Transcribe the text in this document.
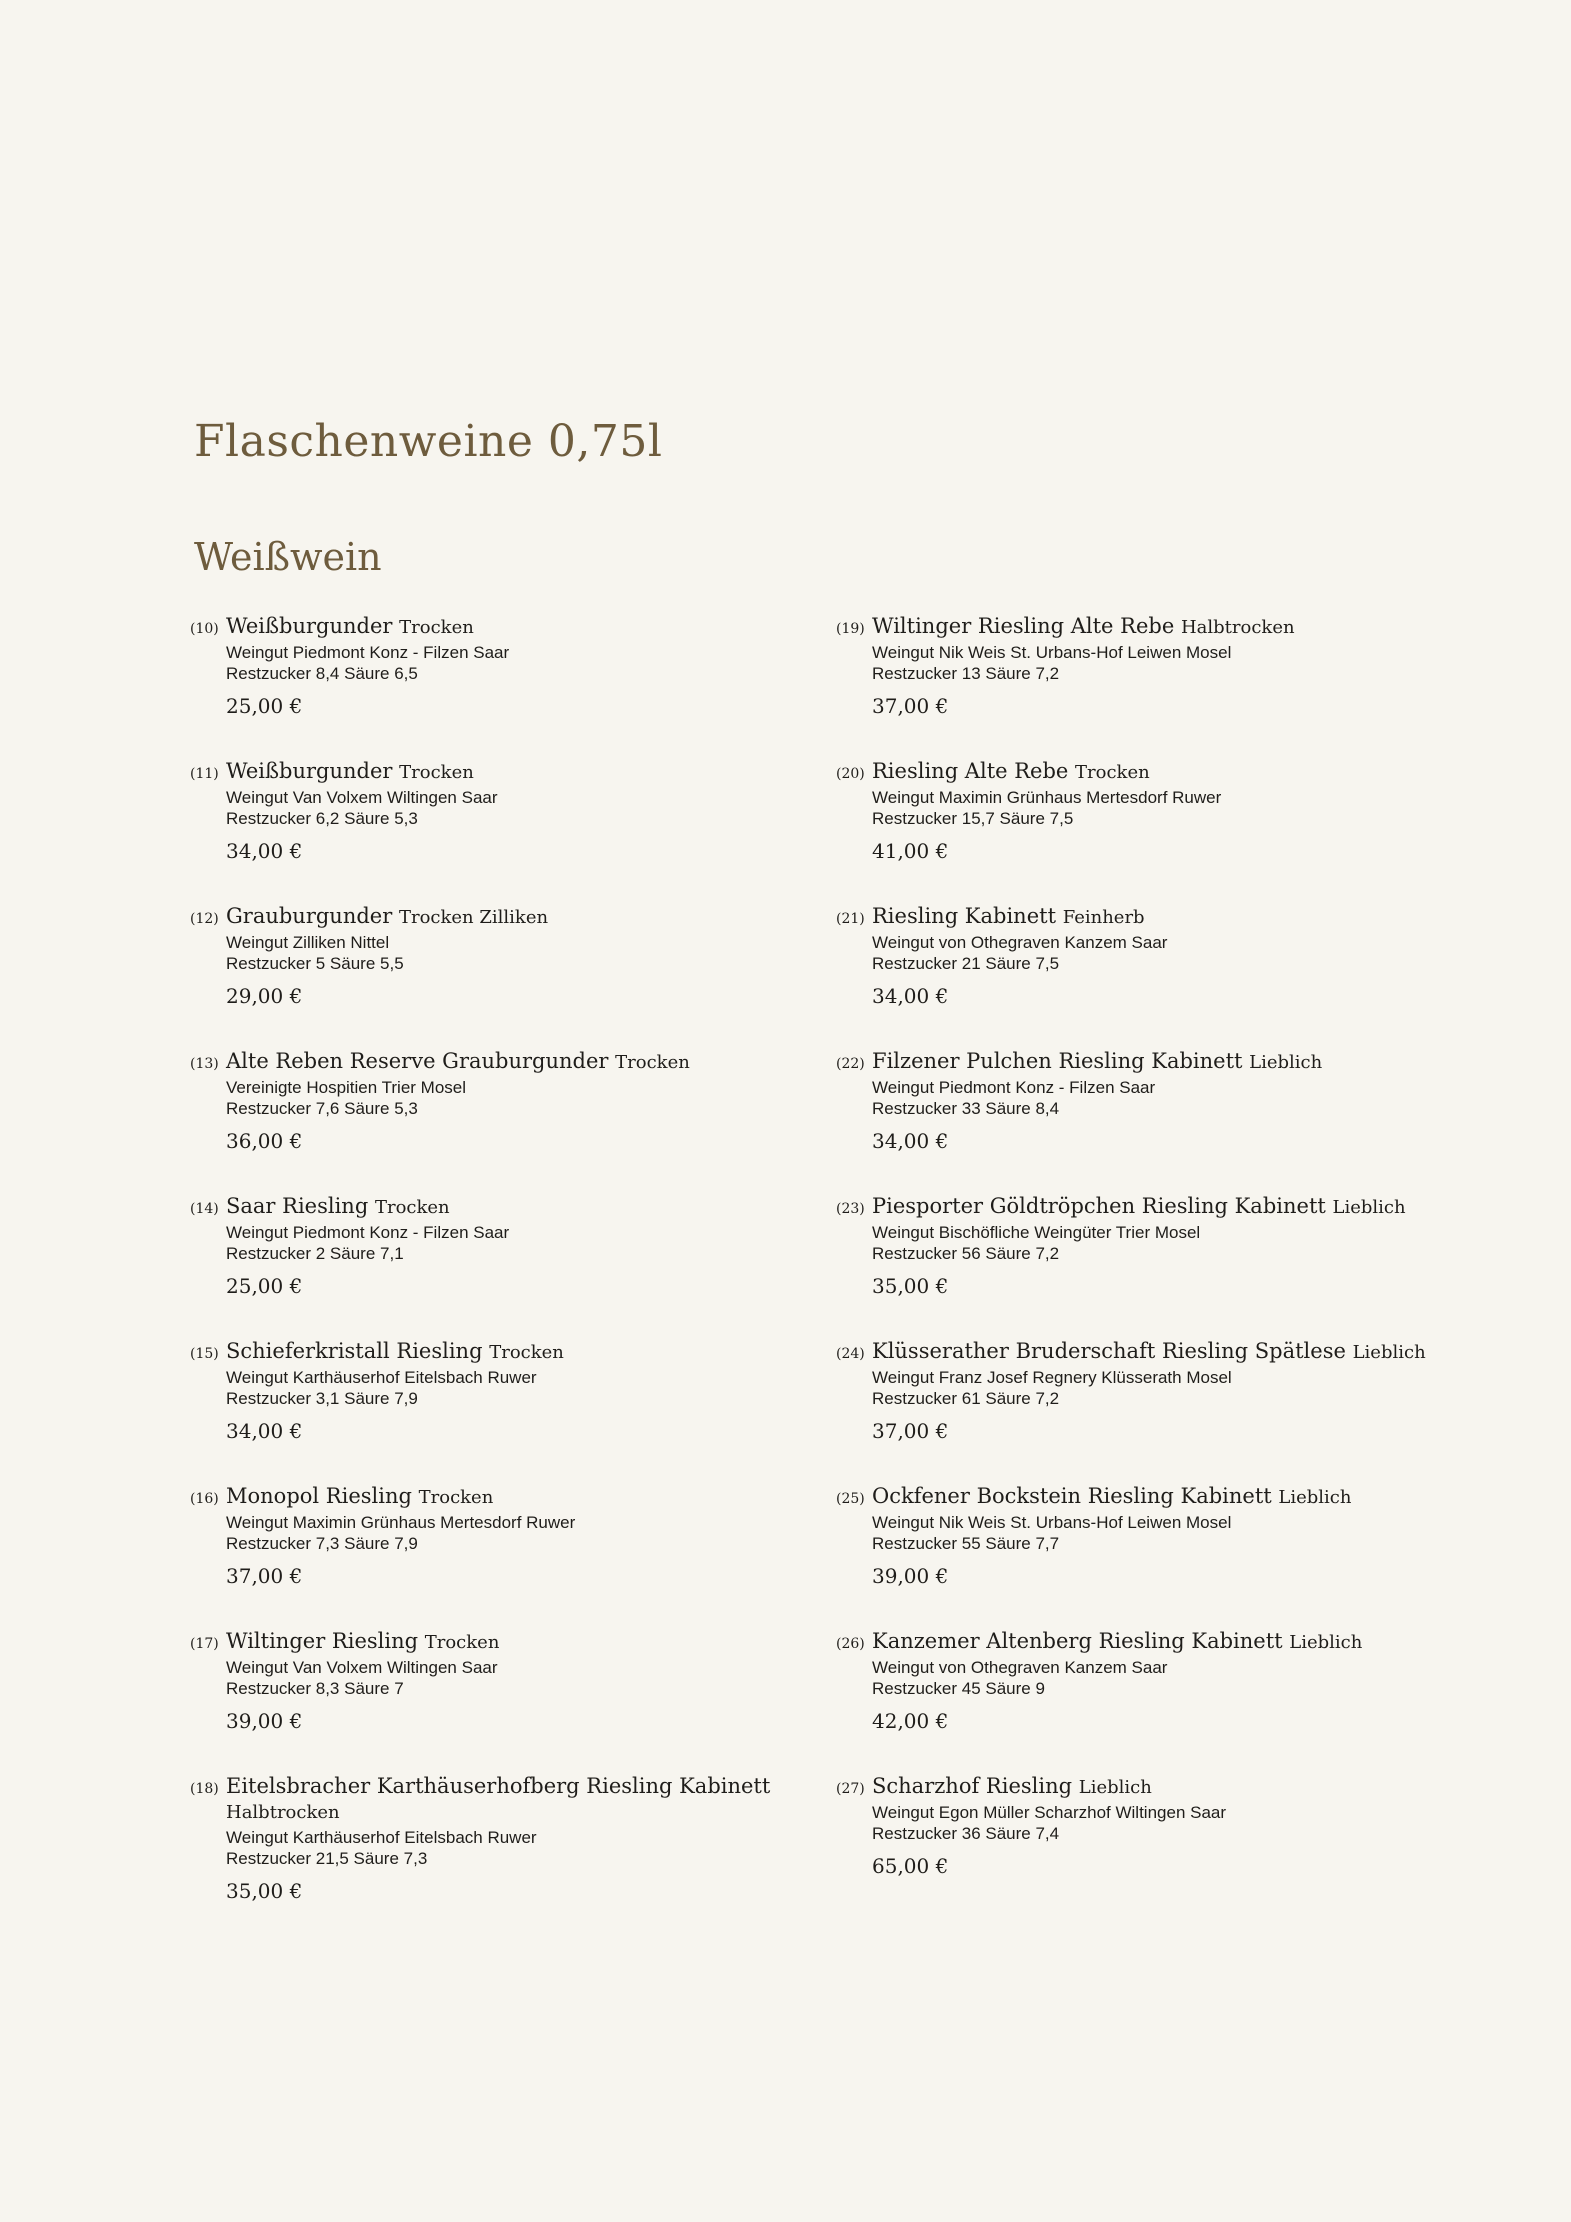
Flaschenweine 0,75l
Weißwein
(10) Weißburgunder Trocken
Weingut Piedmont Konz - Filzen Saar
Restzucker 8,4 Säure 6,5
25,00 €
(11) Weißburgunder Trocken
Weingut Van Volxem Wiltingen Saar
Restzucker 6,2 Säure 5,3
34,00 €
(12) Grauburgunder Trocken Zilliken
Weingut Zilliken Nittel
Restzucker 5 Säure 5,5
29,00 €
(13) Alte Reben Reserve Grauburgunder Trocken
Vereinigte Hospitien Trier Mosel
Restzucker 7,6 Säure 5,3
36,00 €
(14) Saar Riesling Trocken
Weingut Piedmont Konz - Filzen Saar
Restzucker 2 Säure 7,1
25,00 €
(15) Schieferkristall Riesling Trocken
Weingut Karthäuserhof Eitelsbach Ruwer
Restzucker 3,1 Säure 7,9
34,00 €
(16) Monopol Riesling Trocken
Weingut Maximin Grünhaus Mertesdorf Ruwer
Restzucker 7,3 Säure 7,9
37,00 €
(17) Wiltinger Riesling Trocken
Weingut Van Volxem Wiltingen Saar
Restzucker 8,3 Säure 7
39,00 €
(18) Eitelsbracher Karthäuserhofberg Riesling Kabinett
Halbtrocken
Weingut Karthäuserhof Eitelsbach Ruwer
Restzucker 21,5 Säure 7,3
35,00 €
(19) Wiltinger Riesling Alte Rebe Halbtrocken
Weingut Nik Weis St. Urbans-Hof Leiwen Mosel
Restzucker 13 Säure 7,2
37,00 €
(20) Riesling Alte Rebe Trocken
Weingut Maximin Grünhaus Mertesdorf Ruwer
Restzucker 15,7 Säure 7,5
41,00 €
(21) Riesling Kabinett Feinherb
Weingut von Othegraven Kanzem Saar
Restzucker 21 Säure 7,5
34,00 €
(22) Filzener Pulchen Riesling Kabinett Lieblich
Weingut Piedmont Konz - Filzen Saar
Restzucker 33 Säure 8,4
34,00 €
(23) Piesporter Göldtröpchen Riesling Kabinett Lieblich
Weingut Bischöfliche Weingüter Trier Mosel
Restzucker 56 Säure 7,2
35,00 €
(24) Klüsserather Bruderschaft Riesling Spätlese Lieblich
Weingut Franz Josef Regnery Klüsserath Mosel
Restzucker 61 Säure 7,2
37,00 €
(25) Ockfener Bockstein Riesling Kabinett Lieblich
Weingut Nik Weis St. Urbans-Hof Leiwen Mosel
Restzucker 55 Säure 7,7
39,00 €
(26) Kanzemer Altenberg Riesling Kabinett Lieblich
Weingut von Othegraven Kanzem Saar
Restzucker 45 Säure 9
42,00 €
(27) Scharzhof Riesling Lieblich
Weingut Egon Müller Scharzhof Wiltingen Saar
Restzucker 36 Säure 7,4
65,00 €
